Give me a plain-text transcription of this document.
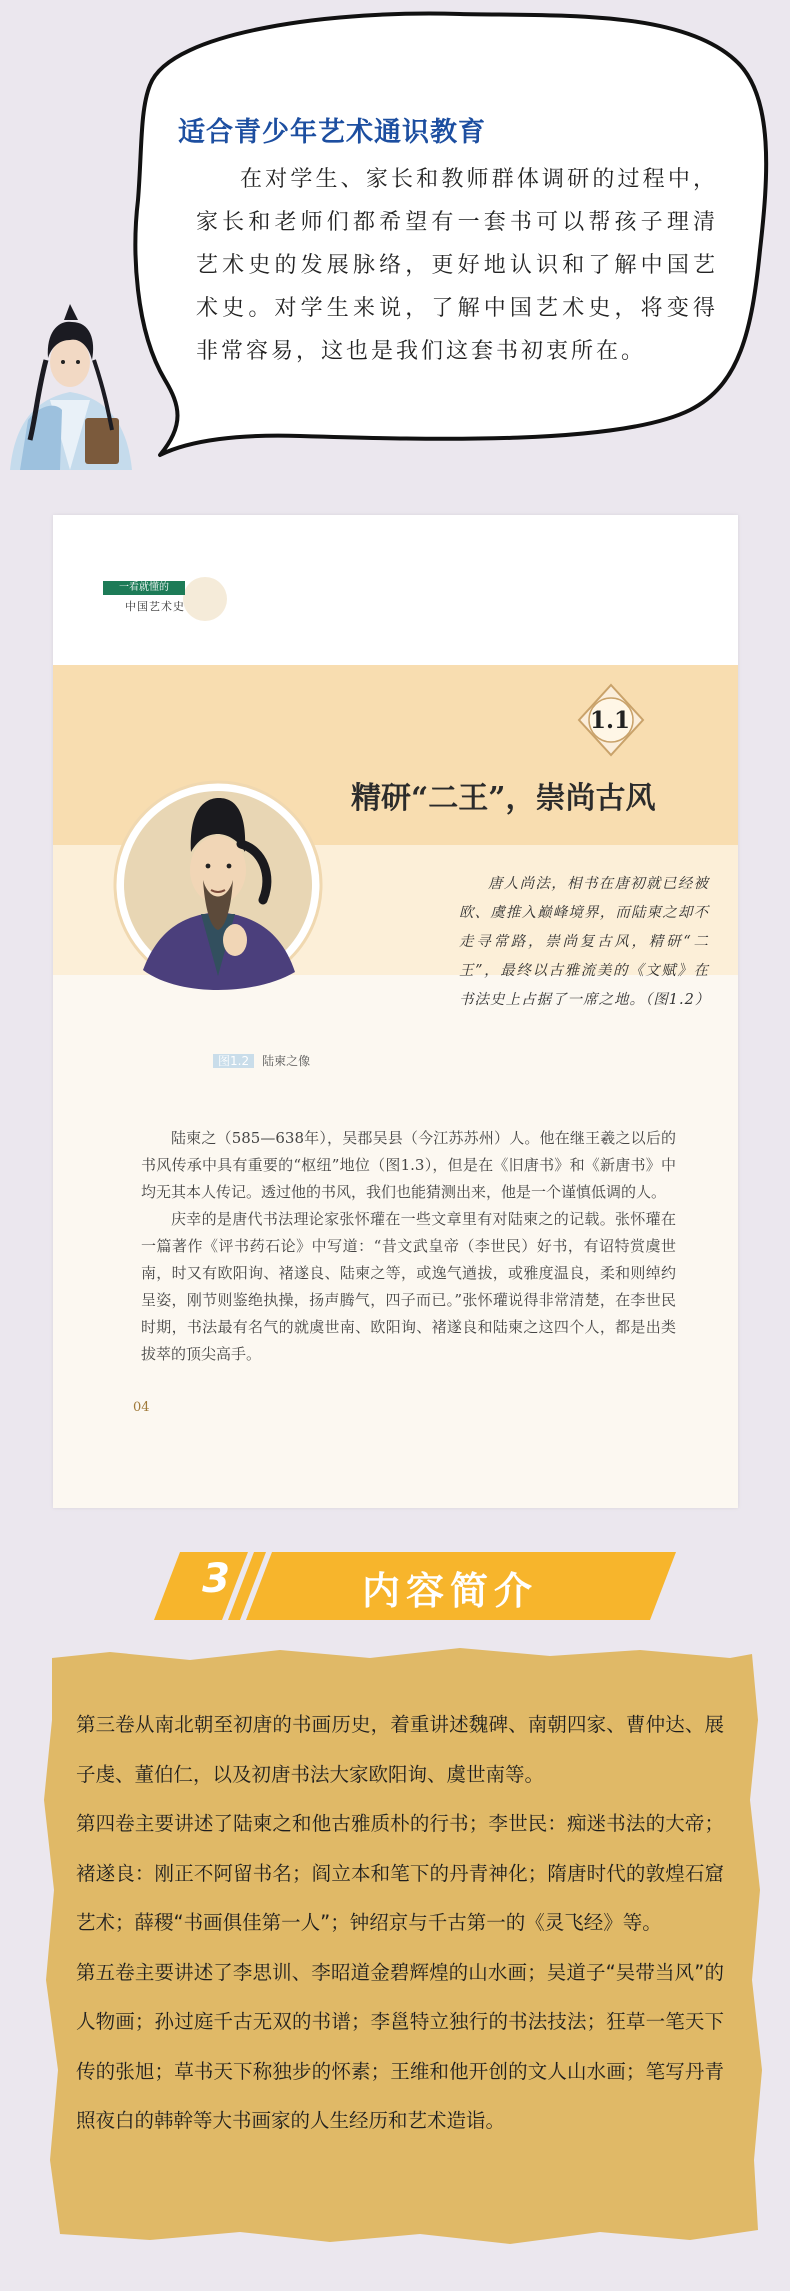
适合青少年艺术通识教育
在对学生、家长和教师群体调研的过程中，家长和老师们都希望有一套书可以帮孩子理清艺术史的发展脉络，更好地认识和了解中国艺术史。对学生来说，了解中国艺术史，将变得非常容易，这也是我们这套书初衷所在。
一看就懂的
中国艺术史
1.1
精研“二王”，崇尚古风
图1.2 陆柬之像
唐人尚法，相书在唐初就已经被欧、虞推入巅峰境界，而陆柬之却不走寻常路，崇尚复古风，精研“二王”，最终以古雅流美的《文赋》在书法史上占据了一席之地。（图1.2）

陆柬之（585—638年），吴郡吴县（今江苏苏州）人。他在继王羲之以后的书风传承中具有重要的“枢纽”地位（图1.3），但是在《旧唐书》和《新唐书》中均无其本人传记。透过他的书风，我们也能猜测出来，他是一个谨慎低调的人。

庆幸的是唐代书法理论家张怀瓘在一些文章里有对陆柬之的记载。张怀瓘在一篇著作《评书药石论》中写道：“昔文武皇帝（李世民）好书，有诏特赏虞世南，时又有欧阳询、褚遂良、陆柬之等，或逸气遒拔，或雅度温良，柔和则绰约呈姿，刚节则鉴绝执操，扬声腾气，四子而已。”张怀瓘说得非常清楚，在李世民时期，书法最有名气的就虞世南、欧阳询、褚遂良和陆柬之这四个人，都是出类拔萃的顶尖高手。

04
3	内容简介

第三卷从南北朝至初唐的书画历史，着重讲述魏碑、南朝四家、曹仲达、展子虔、董伯仁，以及初唐书法大家欧阳询、虞世南等。

第四卷主要讲述了陆柬之和他古雅质朴的行书；李世民：痴迷书法的大帝；褚遂良：刚正不阿留书名；阎立本和笔下的丹青神化；隋唐时代的敦煌石窟艺术；薛稷“书画俱佳第一人”；钟绍京与千古第一的《灵飞经》等。

第五卷主要讲述了李思训、李昭道金碧辉煌的山水画；吴道子“吴带当风”的人物画；孙过庭千古无双的书谱；李邕特立独行的书法技法；狂草一笔天下传的张旭；草书天下称独步的怀素；王维和他开创的文人山水画；笔写丹青照夜白的韩幹等大书画家的人生经历和艺术造诣。
